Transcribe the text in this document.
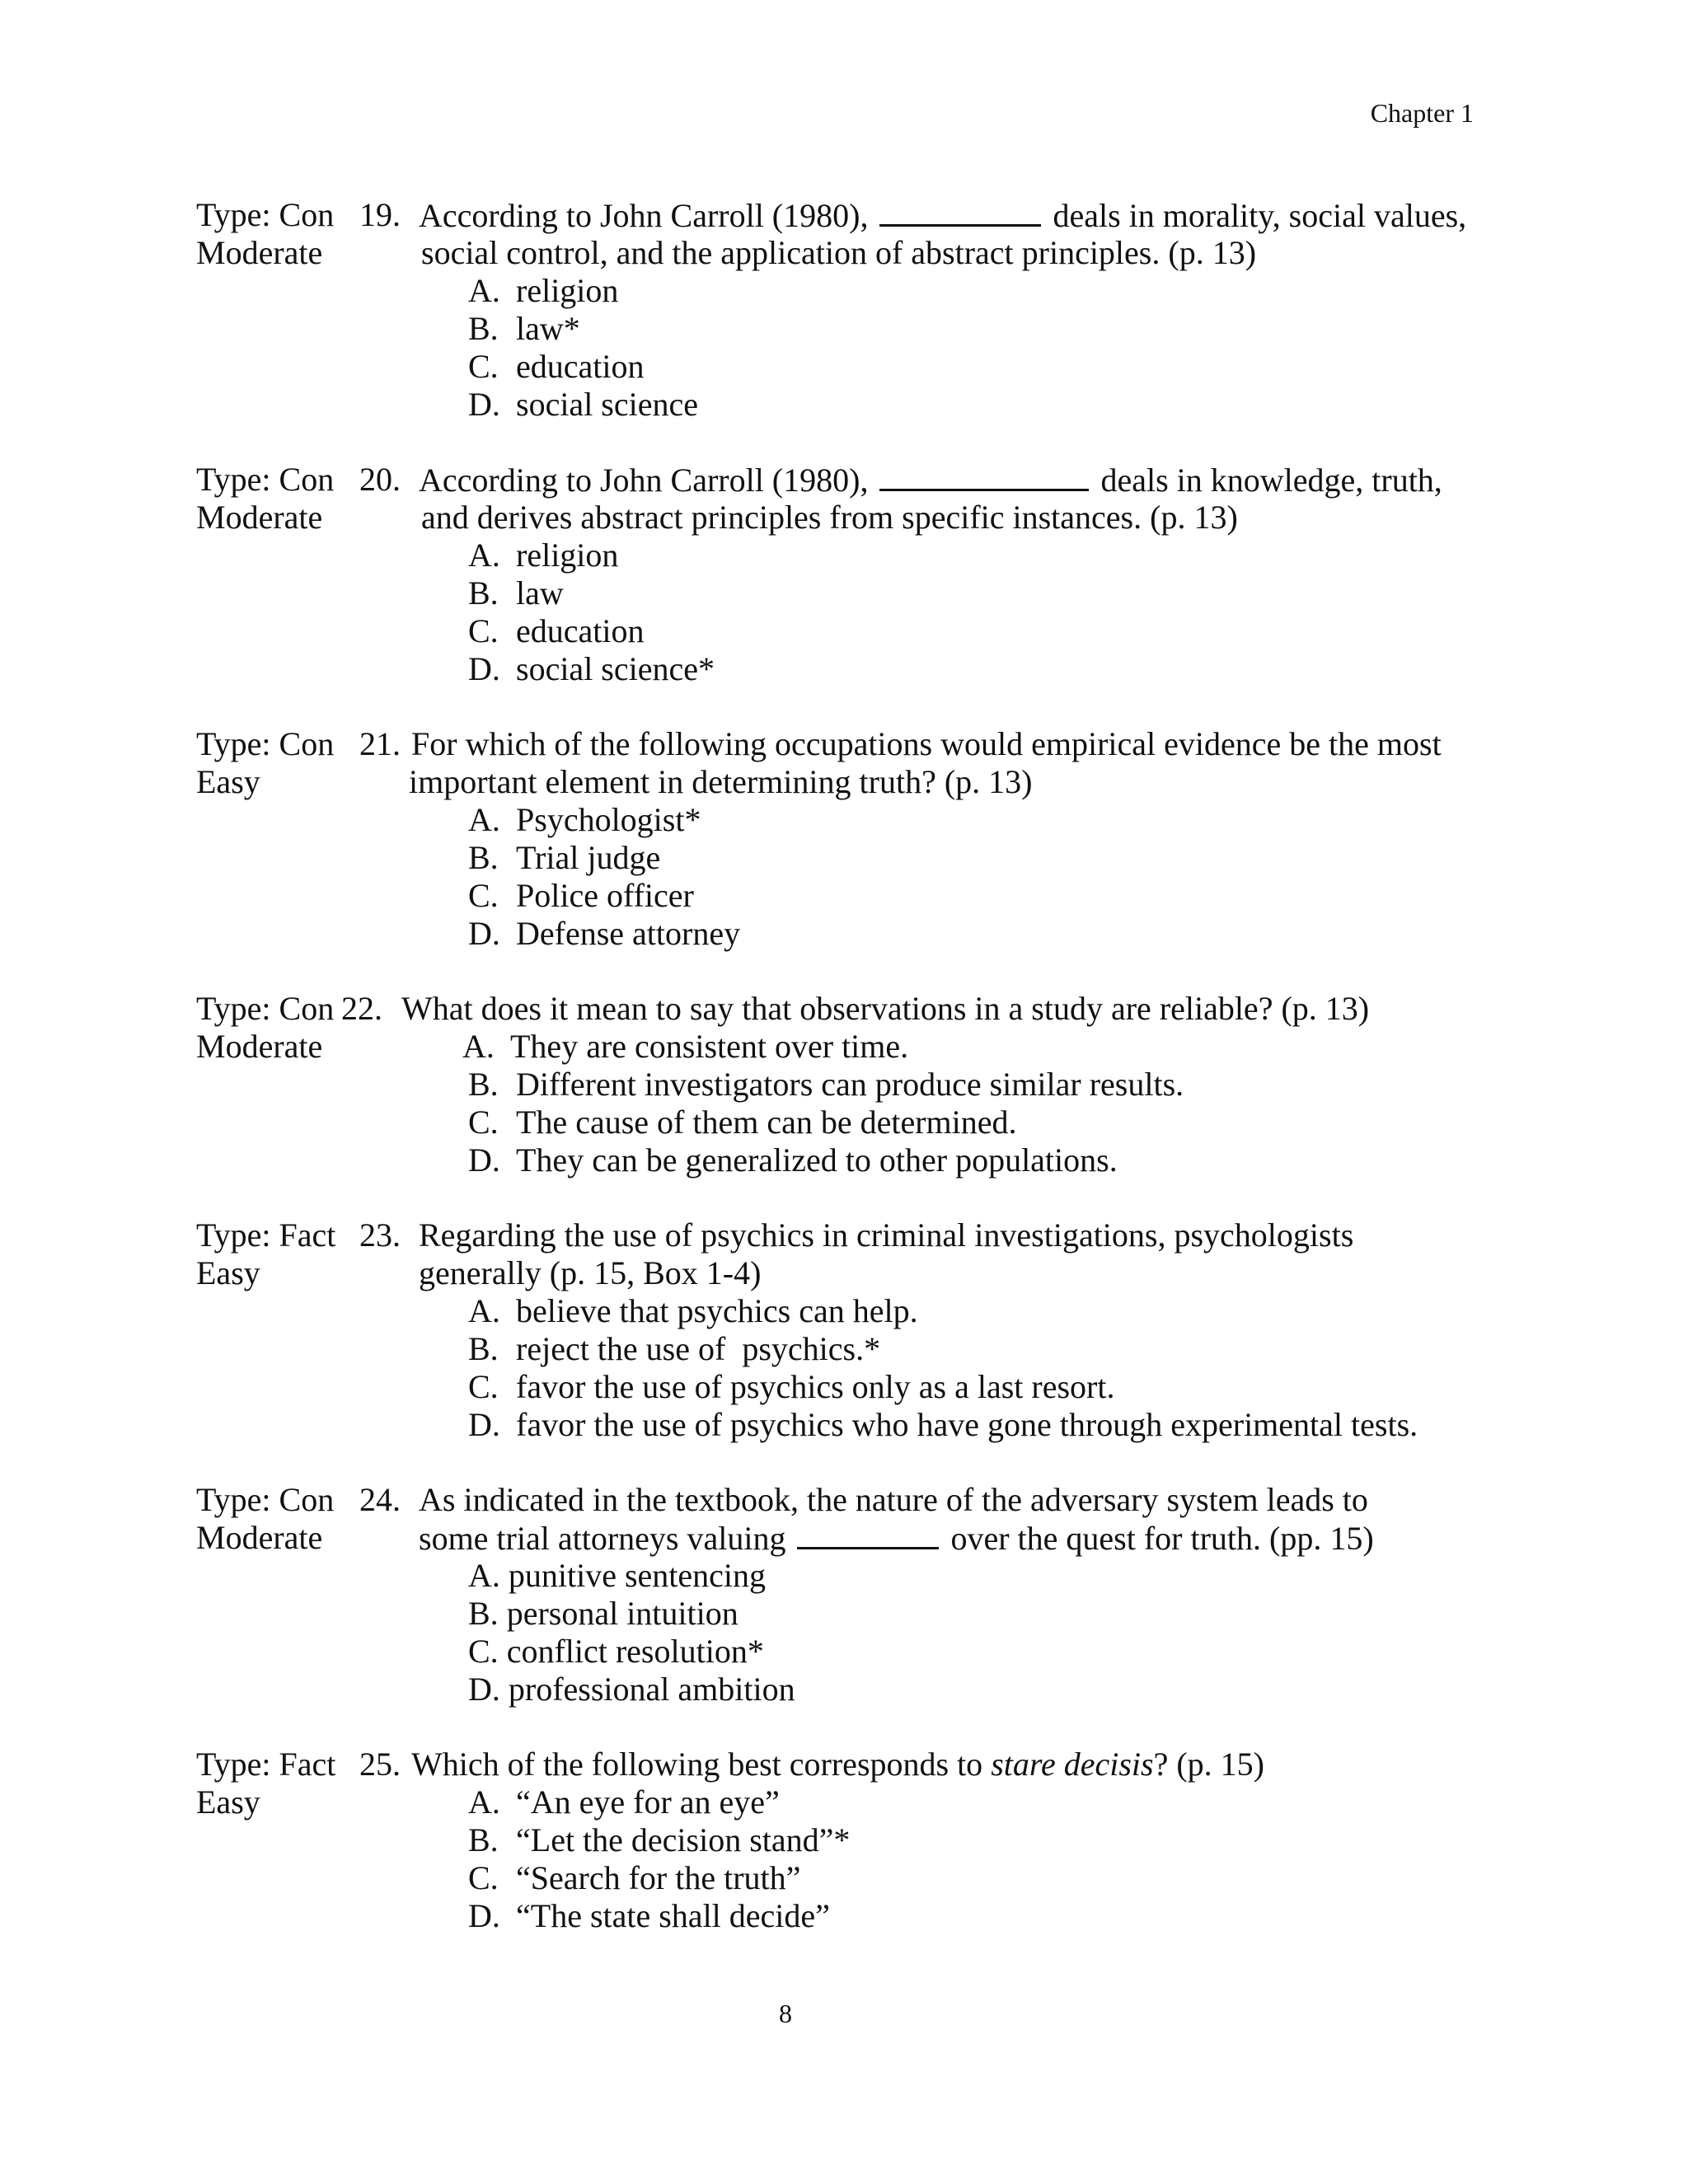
Chapter 1
Type: Con
Moderate
19. According to John Carroll (1980),	deals in morality, social values,
social control, and the application of abstract principles. (p. 13)
A. religion
B. law*
C. education
D. social science
Type: Con
Moderate
20. According to John Carroll (1980),	deals in knowledge, truth,
and derives abstract principles from specific instances. (p. 13)
A. religion
B. law
C. education
D. social science*
Type: Con
Easy
21. For which of the following occupations would empirical evidence be the most
important element in determining truth? (p. 13)
A. Psychologist*
B. Trial judge
C. Police officer
D. Defense attorney
Type: Con
Moderate
22. What does it mean to say that observations in a study are reliable? (p. 13)
A. They are consistent over time.
B. Different investigators can produce similar results.
C. The cause of them can be determined.
D. They can be generalized to other populations.
Type: Fact
Easy
23. Regarding the use of psychics in criminal investigations, psychologists
generally (p. 15, Box 1-4)
A. believe that psychics can help.
B. reject the use of  psychics.*
C. favor the use of psychics only as a last resort.
D. favor the use of psychics who have gone through experimental tests.
Type: Con
Moderate
24. As indicated in the textbook, the nature of the adversary system leads to
some trial attorneys valuing	over the quest for truth. (pp. 15)
A. punitive sentencing
B. personal intuition
C. conflict resolution*
D. professional ambition
Type: Fact
Easy
25. Which of the following best corresponds to stare decisis? (p. 15)
A. “An eye for an eye”
B. “Let the decision stand”*
C. “Search for the truth”
D. “The state shall decide”
8
